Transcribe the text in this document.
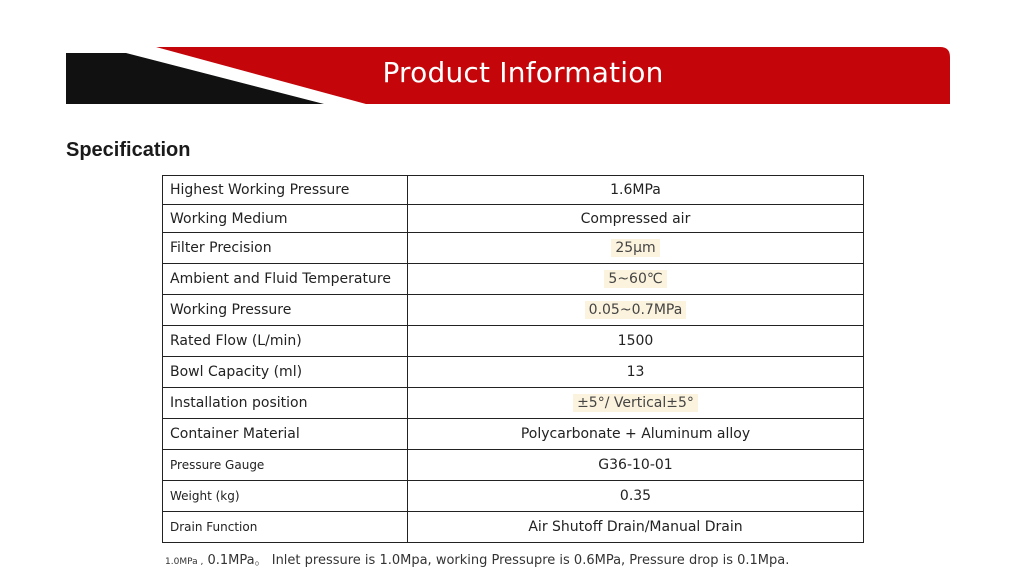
Product Information
Specification
Highest Working Pressure	1.6MPa
Working Medium	Compressed air
Filter Precision	25μm
Ambient and Fluid Temperature	5~60℃
Working Pressure	0.05~0.7MPa
Rated Flow (L/min)	1500
Bowl Capacity (ml)	13
Installation position	±5°/ Vertical±5°
Container Material	Polycarbonate + Aluminum alloy
Pressure Gauge	G36-10-01
Weight (kg)	0.35
Drain Function	Air Shutoff Drain/Manual Drain
1.0MPa , 0.1MPa。 Inlet pressure is 1.0Mpa, working Pressupre is 0.6MPa, Pressure drop is 0.1Mpa.
